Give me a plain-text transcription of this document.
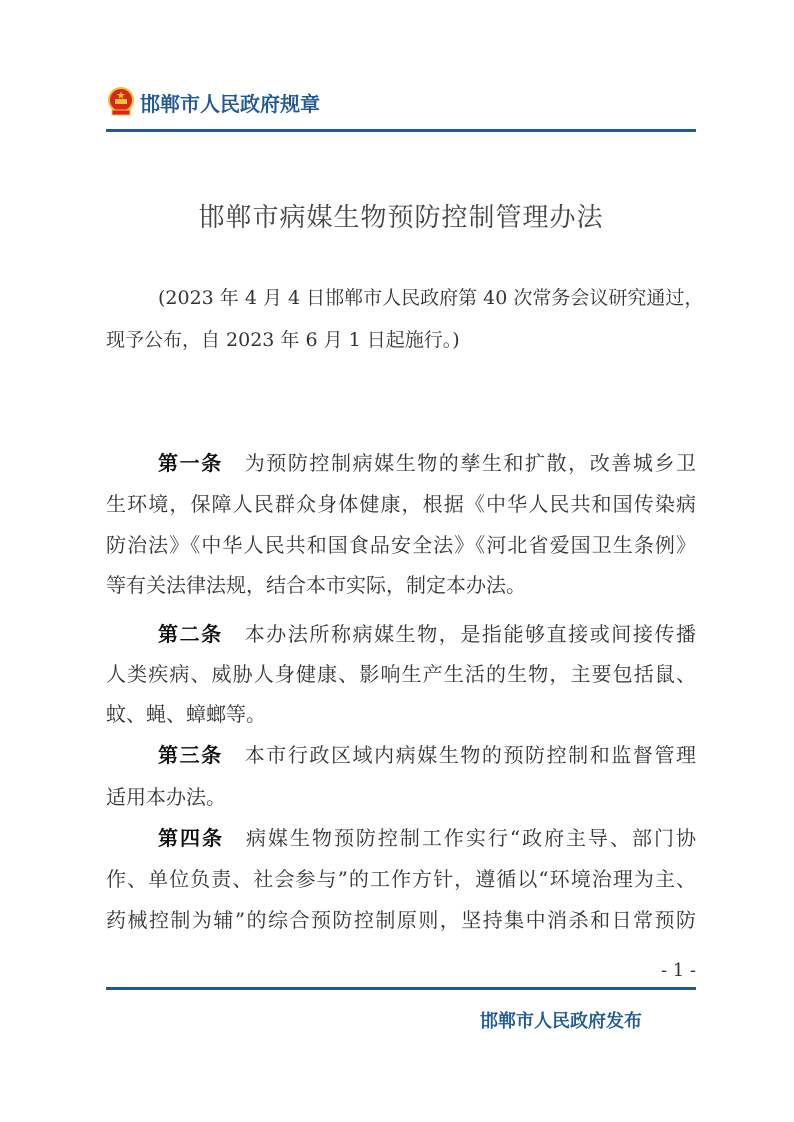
邯郸市人民政府规章
邯郸市病媒生物预防控制管理办法
(2023 年 4 月 4 日邯郸市人民政府第 40 次常务会议研究通过，
现予公布，自 2023 年 6 月 1 日起施行。)
第一条 为预防控制病媒生物的孳生和扩散，改善城乡卫
生环境，保障人民群众身体健康，根据《中华人民共和国传染病
防治法》《中华人民共和国食品安全法》《河北省爱国卫生条例》
等有关法律法规，结合本市实际，制定本办法。
第二条 本办法所称病媒生物，是指能够直接或间接传播
人类疾病、威胁人身健康、影响生产生活的生物，主要包括鼠、
蚊、蝇、蟑螂等。
第三条 本市行政区域内病媒生物的预防控制和监督管理
适用本办法。
第四条 病媒生物预防控制工作实行“政府主导、部门协
作、单位负责、社会参与”的工作方针，遵循以“环境治理为主、
药械控制为辅”的综合预防控制原则，坚持集中消杀和日常预防
- 1 -
邯郸市人民政府发布
